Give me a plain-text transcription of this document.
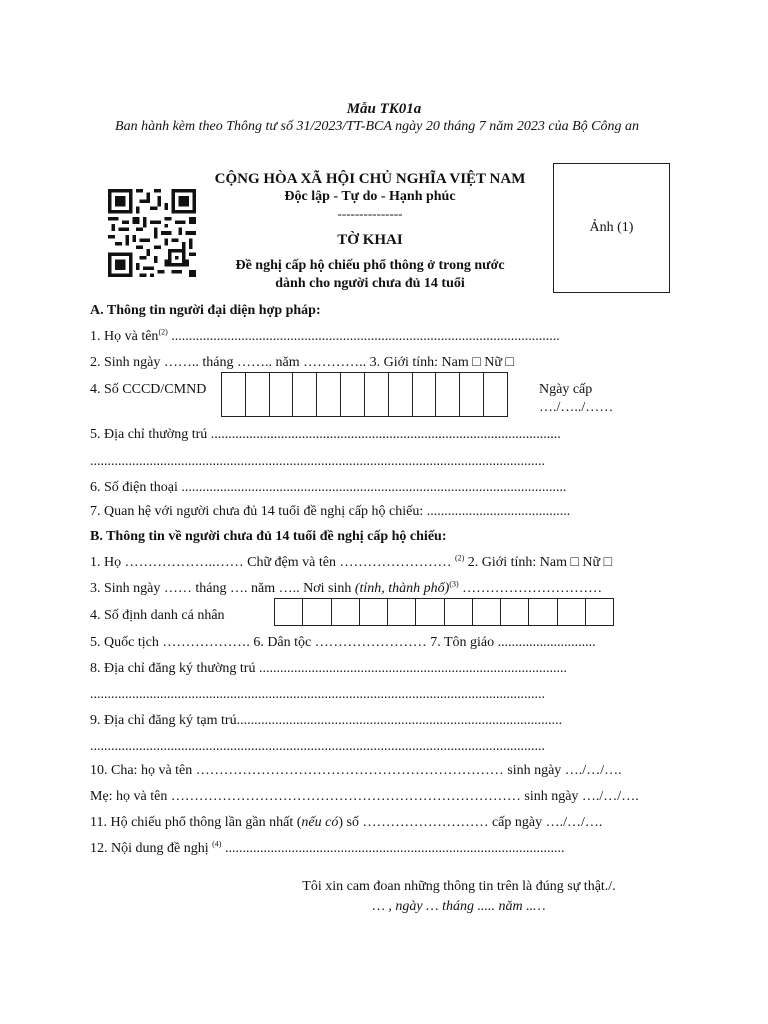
Mẫu TK01a
Ban hành kèm theo Thông tư số 31/2023/TT-BCA ngày 20 tháng 7 năm 2023 của Bộ Công an
CỘNG HÒA XÃ HỘI CHỦ NGHĨA VIỆT NAM
Độc lập - Tự do - Hạnh phúc
---------------
TỜ KHAI
Đề nghị cấp hộ chiếu phổ thông ở trong nước
dành cho người chưa đủ 14 tuổi
Ảnh (1)
A. Thông tin người đại diện hợp pháp:
1. Họ và tên$^{(2)}$ ...............................................................................................................
2. Sinh ngày …….. tháng …….. năm ………….. 3. Giới tính: Nam □ Nữ □
4. Số CCCD/CMND	Ngày cấp
…./…../……
5. Địa chỉ thường trú ....................................................................................................
..................................................................................................................................
6. Số điện thoại ..............................................................................................................
7. Quan hệ với người chưa đủ 14 tuổi đề nghị cấp hộ chiếu: .........................................
B. Thông tin về người chưa đủ 14 tuổi đề nghị cấp hộ chiếu:
1. Họ ………………..…… Chữ đệm và tên …………………… $^{(2)}$ 2. Giới tính: Nam □ Nữ □
3. Sinh ngày …… tháng …. năm ….. Nơi sinh (tỉnh, thành phố)$^{(3)}$ …………………………
4. Số định danh cá nhân
5. Quốc tịch ………………. 6. Dân tộc …………………… 7. Tôn giáo ............................
8. Địa chỉ đăng ký thường trú ........................................................................................
..................................................................................................................................
9. Địa chỉ đăng ký tạm trú.............................................................................................
..................................................................................................................................
10. Cha: họ và tên ………………………………………………………… sinh ngày …./…/….
Mẹ: họ và tên ………………………………………………………………… sinh ngày …./…/….
11. Hộ chiếu phổ thông lần gần nhất (nếu có) số ……………………… cấp ngày …./…/….
12. Nội dung đề nghị $^{(4)}$ .................................................................................................
Tôi xin cam đoan những thông tin trên là đúng sự thật./.
… , ngày … tháng ..... năm ..…
